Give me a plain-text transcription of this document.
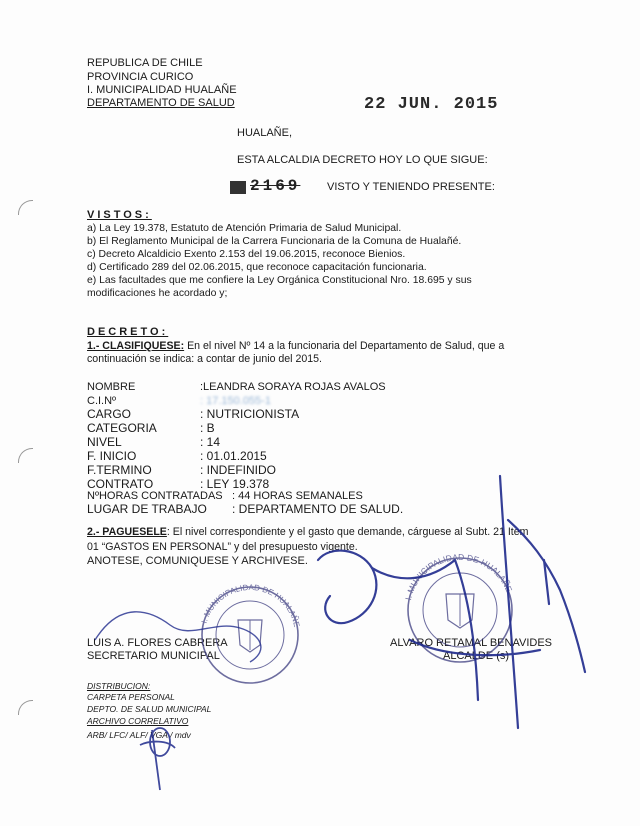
REPUBLICA DE CHILE
PROVINCIA CURICO
I. MUNICIPALIDAD HUALAÑE
DEPARTAMENTO DE SALUD	22 JUN. 2015
HUALAÑE,
ESTA ALCALDIA DECRETO HOY LO QUE SIGUE:
2169 VISTO Y TENIENDO PRESENTE:
VISTOS:
a) La Ley 19.378, Estatuto de Atención Primaria de Salud Municipal.
b) El Reglamento Municipal de la Carrera Funcionaria de la Comuna de Hualañé.
c) Decreto Alcaldicio Exento 2.153 del 19.06.2015, reconoce Bienios.
d) Certificado 289 del 02.06.2015, que reconoce capacitación funcionaria.
e) Las facultades que me confiere la Ley Orgánica Constitucional Nro. 18.695 y sus
modificaciones he acordado y;
DECRETO:
1.- CLASIFIQUESE: En el nivel Nº 14 a la funcionaria del Departamento de Salud, que a
continuación se indica: a contar de junio del 2015.
NOMBRE	:LEANDRA SORAYA ROJAS AVALOS
C.I.Nº	: 17.150.055-1
CARGO	: NUTRICIONISTA
CATEGORIA	: B
NIVEL	: 14
F. INICIO	: 01.01.2015
F.TERMINO	: INDEFINIDO
CONTRATO	: LEY 19.378
NºHORAS CONTRATADAS : 44 HORAS SEMANALES
LUGAR DE TRABAJO : DEPARTAMENTO DE SALUD.
2.- PAGUESELE: El nivel correspondiente y el gasto que demande, cárguese al Subt. 21 Item
01 “GASTOS EN PERSONAL” y del presupuesto vigente.
ANOTESE, COMUNIQUESE Y ARCHIVESE.
LUIS A. FLORES CABRERA
SECRETARIO MUNICIPAL
ALVARO RETAMAL BENAVIDES
ALCALDE (s)
DISTRIBUCION:
CARPETA PERSONAL
DEPTO. DE SALUD MUNICIPAL
ARCHIVO CORRELATIVO
ARB/ LFC/ ALF/ VGA / mdv
I. MUNICIPALIDAD DE HUALAÑE
I. MUNICIPALIDAD DE HUALAÑE
